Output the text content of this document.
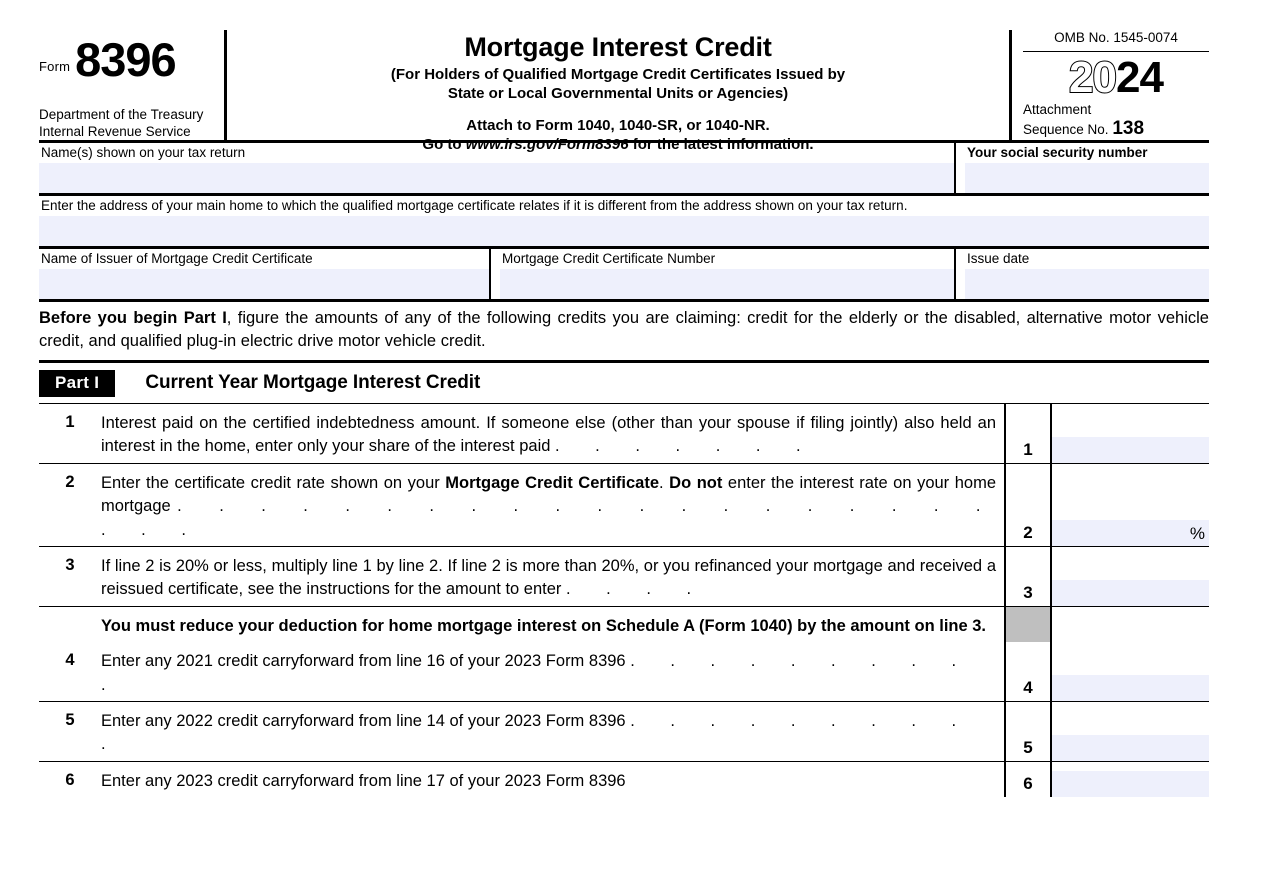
Form 8396
Department of the Treasury
Internal Revenue Service
Mortgage Interest Credit
(For Holders of Qualified Mortgage Credit Certificates Issued by
State or Local Governmental Units or Agencies)
Attach to Form 1040, 1040-SR, or 1040-NR.
Go to www.irs.gov/Form8396 for the latest information.
OMB No. 1545-0074
2024
Attachment
Sequence No. 138
Name(s) shown on your tax return	Your social security number
Enter the address of your main home to which the qualified mortgage certificate relates if it is different from the address shown on your tax return.
Name of Issuer of Mortgage Credit Certificate	Mortgage Credit Certificate Number	Issue date
Before you begin Part I, figure the amounts of any of the following credits you are claiming: credit for the elderly or the disabled, alternative motor vehicle credit, and qualified plug-in electric drive motor vehicle credit.
Part I	Current Year Mortgage Interest Credit
1	Interest paid on the certified indebtedness amount. If someone else (other than your spouse if filing jointly) also held an interest in the home, enter only your share of the interest paid . . . . . . .	1
2	Enter the certificate credit rate shown on your Mortgage Credit Certificate. Do not enter the interest rate on your home mortgage . . . . . . . . . . . . . . . . . . . . . . .	2	%
3	If line 2 is 20% or less, multiply line 1 by line 2. If line 2 is more than 20%, or you refinanced your mortgage and received a reissued certificate, see the instructions for the amount to enter . . . .	3
You must reduce your deduction for home mortgage interest on Schedule A (Form 1040) by the amount on line 3.
4	Enter any 2021 credit carryforward from line 16 of your 2023 Form 8396 . . . . . . . . . .	4
5	Enter any 2022 credit carryforward from line 14 of your 2023 Form 8396 . . . . . . . . . .	5
6	Enter any 2023 credit carryforward from line 17 of your 2023 Form 8396	6
